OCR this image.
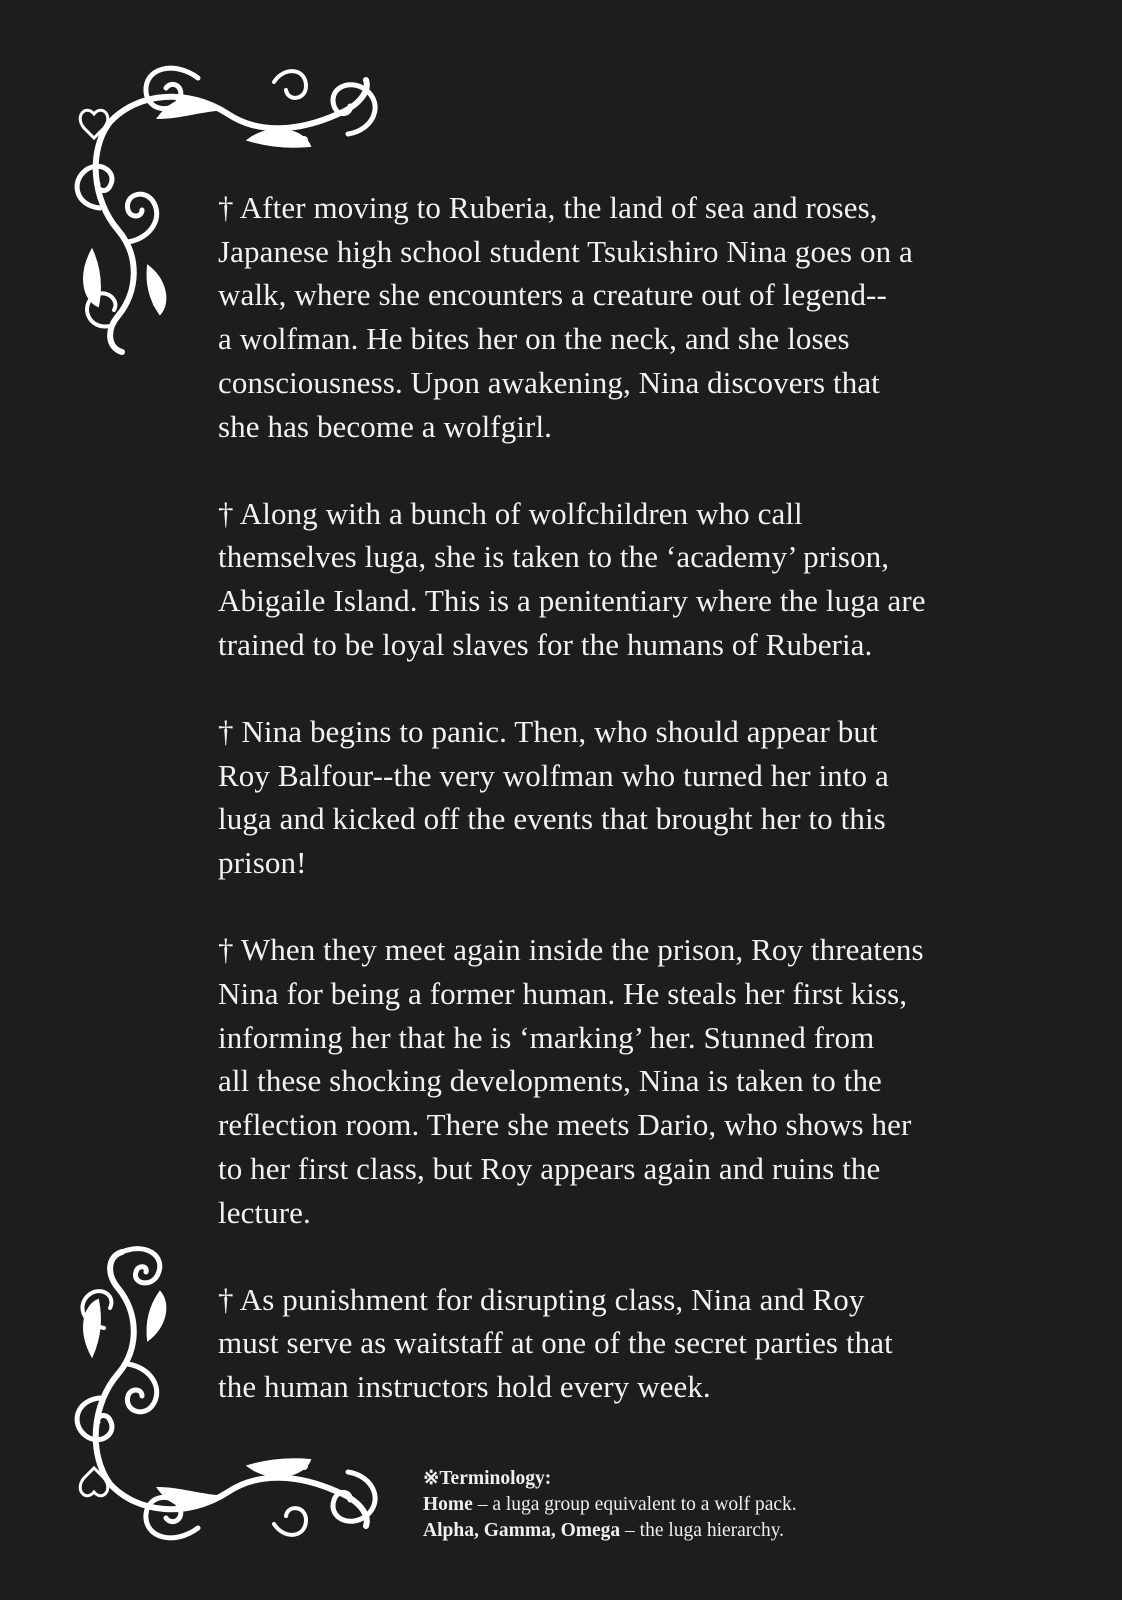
† After moving to Ruberia, the land of sea and roses,
Japanese high school student Tsukishiro Nina goes on a
walk, where she encounters a creature out of legend--
a wolfman. He bites her on the neck, and she loses
consciousness. Upon awakening, Nina discovers that
she has become a wolfgirl.

† Along with a bunch of wolfchildren who call
themselves luga, she is taken to the ‘academy’ prison,
Abigaile Island. This is a penitentiary where the luga are
trained to be loyal slaves for the humans of Ruberia.

† Nina begins to panic. Then, who should appear but
Roy Balfour--the very wolfman who turned her into a
luga and kicked off the events that brought her to this
prison!

† When they meet again inside the prison, Roy threatens
Nina for being a former human. He steals her first kiss,
informing her that he is ‘marking’ her. Stunned from
all these shocking developments, Nina is taken to the
reflection room. There she meets Dario, who shows her
to her first class, but Roy appears again and ruins the
lecture.

† As punishment for disrupting class, Nina and Roy
must serve as waitstaff at one of the secret parties that
the human instructors hold every week.

※Terminology:
Home – a luga group equivalent to a wolf pack.
Alpha, Gamma, Omega – the luga hierarchy.
